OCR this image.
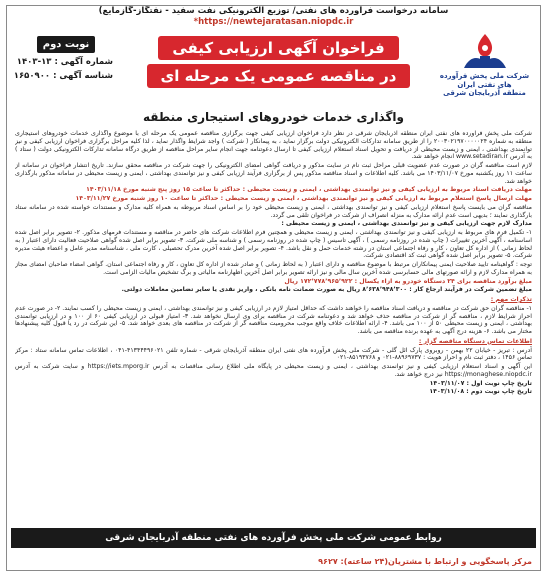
سامانه درخواست فرآورده های نفتی/ توزیع الکترونیکی نفت سفید - نفتگاز-گازمایع)
*https://newtejaratasan.niopdc.ir
شرکت ملی پخش فرآورده های نفتی ایران
منطقه آذربایجان شرقی
فراخوان آگهی ارزیابی کیفی
در مناقصه عمومی یک مرحله ای
نوبت دوم
شماره آگهی : ۱۳-۱۴۰۳
شناسه آگهی : ۱۶۵۰۹۰۰
واگذاری خدمات خودروهای استیجاری منطقه

شرکت ملی پخش فرآورده های نفتی ایران منطقه آذربایجان شرقی در نظر دارد فراخوان ارزیابی کیفی جهت برگزاری مناقصه عمومی یک مرحله ای با موضوع واگذاری خدمات خودروهای استیجاری منطقه به شماره ۲۰۰۳۰۲۱۹۷۰۰۰۰۰۲۴ را از طریق سامانه تدارکات الکترونیکی دولت برگزار نماید ، به پیمانکار ( شرکت ) واجد شرایط واگذار نماید ، لذا کلیه مراحل برگزاری فراخوان ارزیابی کیفی و نیز توانمندی بهداشتی ، ایمنی و زیست محیطی از دریافت و تحویل اسناد استعلام ارزیابی کیفی تا ارسال دعوتنامه جهت انجام سایر مراحل مناقصه از طریق درگاه سامانه تدارکات الکترونیکی دولت ( ستاد ) به آدرس www.setadiran.ir انجام خواهد شد.

لازم است مناقصه گران در صورت عدم عضویت قبلی مراحل ثبت نام در سایت مذکور و دریافت گواهی امضای الکترونیکی را جهت شرکت در مناقصه محقق سازند. تاریخ انتشار فراخوان در سامانه از ساعت ۱۱ روز یکشنبه مورخ ۱۴۰۳/۱۱/۰۷ می باشد. کلیه اطلاعات و اسناد مناقصه مذکور پس از برگزاری فرآیند ارزیابی کیفی و نیز توانمندی بهداشتی ، ایمنی و زیست محیطی در سامانه مذکور بارگذاری خواهد شد.

مهلت دریافت اسناد مربوط به ارزیابی کیفی و نیز توانمندی بهداشتی ، ایمنی و زیست محیطی : حداکثر تا ساعت ۱۵ روز پنج شنبه مورخ ۱۴۰۳/۱۱/۱۸

مهلت ارسال پاسخ استعلام مربوط به ارزیابی کیفی و نیز توانمندی بهداشتی ، ایمنی و زیست محیطی : حداکثر تا ساعت ۱۰ روز شنبه مورخ ۱۴۰۳/۱۱/۲۷

مناقصه گران می بایست پاسخ استعلام ارزیابی کیفی و نیز توانمندی بهداشتی ، ایمنی و زیست محیطی خود را بر اساس اسناد مربوطه به همراه کلیه مدارک و مستندات خواسته شده در سامانه ستاد بارگذاری نمایند ؛ بدیهی است عدم ارائه مدارک به منزله انصراف از شرکت در فراخوان تلقی می گردد.

مدارک لازم جهت ارزیابی کیفی و نیز توانمندی بهداشتی ، ایمنی و زیست محیطی :

۱- تکمیل فرم های مربوط به ارزیابی کیفی و نیز توانمندی بهداشتی ، ایمنی و زیست محیطی و همچنین فرم اطلاعات شرکت های حاضر در مناقصه و مستندات فرمهای مذکور. ۲- تصویر برابر اصل شده اساسنامه ، آگهی آخرین تغییرات ( چاپ شده در روزنامه رسمی ) ، آگهی تاسیس ( چاپ شده در روزنامه رسمی ) و شناسه ملی شرکت. ۳- تصویر برابر اصل شده گواهی صلاحیت فعالیت دارای اعتبار ( به لحاظ زمانی ) از اداره کل تعاون ، کار و رفاه اجتماعی استان در رشته خدمات حمل و نقل باشد. ۴- تصویر برابر اصل شده آخرین مدرک تحصیلی ، کارت ملی ، شناسنامه مدیر عامل و اعضاء هیئت مدیره شرکت. ۵- تصویر برابر اصل شده گواهی ثبت کد اقتصادی شرکت.

توجه : گواهینامه تایید صلاحیت ایمنی پیمانکاران مرتبط با موضوع مناقصه و دارای اعتبار ( به لحاظ زمانی ) و صادر شده از اداره کل تعاون ، کار و رفاه اجتماعی استان. گواهی امضاء صاحبان امضای مجاز به همراه مدارک لازم و ارائه صورتهای مالی حسابرسی شده آخرین سال مالی و نیز ارائه تصویر برابر اصل آخرین اظهارنامه مالیاتی و برگ تشخیص مالیات الزامی است.

مبلغ برآورد مناقصه برای ۲۴ دستگاه خودرو به ازاء یکسال : ۱۷۲٬۷۷۸٬۹۶۵٬۹۲۲ ریال

مبلغ تضمین شرکت در فرآیند ارجاع کار : ۸٬۶۳۸٬۹۴۸٬۳۰۰ ریال به صورت ضمانت نامه بانکی ، واریز نقدی یا سایر تضامین معاملات دولتی.

تذکرات مهم :

۱- مناقصه گران حق شرکت در مناقصه و دریافت اسناد مناقصه را خواهند داشت که حداقل امتیاز لازم در ارزیابی کیفی و نیز توانمندی بهداشتی ، ایمنی و زیست محیطی را کسب نمایند. ۲- در صورت عدم احراز شرایط لازم ، مناقصه گر از شرکت در مناقصه حذف خواهد شد و دعوتنامه شرکت در مناقصه برای وی ارسال نخواهد شد. ۳- امتیاز قبولی در ارزیابی کیفی ۶۰ از ۱۰۰ و در ارزیابی توانمندی بهداشتی ، ایمنی و زیست محیطی ۵۰ از ۱۰۰ می باشد. ۴- ارائه اطلاعات خلاف واقع موجب محرومیت مناقصه گر از شرکت در مناقصه های بعدی خواهد شد. ۵- این شرکت در رد یا قبول کلیه پیشنهادها مختار می باشد. ۶- هزینه درج آگهی به عهده برنده مناقصه می باشد.

اطلاعات تماس دستگاه مناقصه گزار :

آدرس : تبریز - خیابان ۲۲ بهمن - روبروی پارک ائل گلی - شرکت ملی پخش فرآورده های نفتی ایران منطقه آذربایجان شرقی - شماره تلفن ۴۱۳۴۴۴۹۶۰۲۱-۰۴۱ ، اطلاعات تماس سامانه ستاد : مرکز تماس ۱۴۵۶ ، دفتر ثبت نام و احراز هویت : ۸۸۹۶۹۷۳۷-۰۲۱ و ۸۵۱۹۳۷۶۸-۰۲۱

این آگهی و اسناد استعلام ارزیابی کیفی و نیز توانمندی بهداشتی ، ایمنی و زیست محیطی در پایگاه ملی اطلاع رسانی مناقصات به آدرس https://iets.mporg.ir و سایت شرکت به آدرس https://monaghese.niopdc.ir نیز درج خواهد شد.

تاریخ چاپ نوبت اول : ۱۴۰۳/۱۱/۰۷

تاریخ چاپ نوبت دوم : ۱۴۰۳/۱۱/۰۸

روابط عمومی شرکت ملی پخش فرآورده های نفتی منطقه آذربایجان شرقی
مرکز پاسخگویی و ارتباط با مشتریان(۲۴ ساعته): ۹۶۲۷
